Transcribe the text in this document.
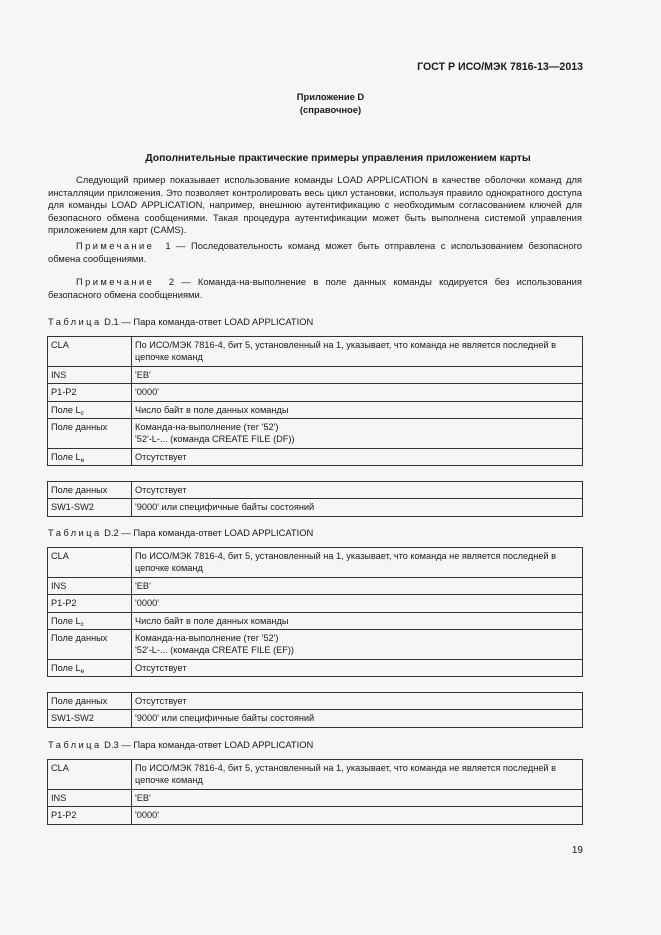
ГОСТ Р ИСО/МЭК 7816-13—2013
Приложение D
(справочное)
Дополнительные практические примеры управления приложением карты
Следующий пример показывает использование команды LOAD APPLICATION в качестве оболочки команд для инсталляции приложения. Это позволяет контролировать весь цикл установки, используя правило однократного доступа для команды LOAD APPLICATION, например, внешнюю аутентификацию с необходимым согласованием ключей для безопасного обмена сообщениями. Такая процедура аутентификации может быть выполнена системой управления приложением для карт (CAMS).
Примечание 1 — Последовательность команд может быть отправлена с использованием безопасного обмена сообщениями.
Примечание 2 — Команда-на-выполнение в поле данных команды кодируется без использования безопасного обмена сообщениями.
Таблица D.1 — Пара команда-ответ LOAD APPLICATION
CLA	По ИСО/МЭК 7816-4, бит 5, установленный на 1, указывает, что команда не является последней в цепочке команд
INS	'EB'
P1-P2	'0000'
Поле $L_c$	Число байт в поле данных команды
Поле данных	Команда-на-выполнение (тег '52')
'52'-L-... (команда CREATE FILE (DF))

Поле $L_e$	Отсутствует
Поле данных	Отсутствует
SW1-SW2	'9000' или специфичные байты состояний
Таблица D.2 — Пара команда-ответ LOAD APPLICATION
CLA	По ИСО/МЭК 7816-4, бит 5, установленный на 1, указывает, что команда не является последней в цепочке команд
INS	'EB'
P1-P2	'0000'
Поле $L_c$	Число байт в поле данных команды
Поле данных	Команда-на-выполнение (тег '52')
'52'-L-... (команда CREATE FILE (EF))

Поле $L_e$	Отсутствует
Поле данных	Отсутствует
SW1-SW2	'9000' или специфичные байты состояний
Таблица D.3 — Пара команда-ответ LOAD APPLICATION
CLA	По ИСО/МЭК 7816-4, бит 5, установленный на 1, указывает, что команда не является последней в цепочке команд
INS	'EB'
P1-P2	'0000'
19
